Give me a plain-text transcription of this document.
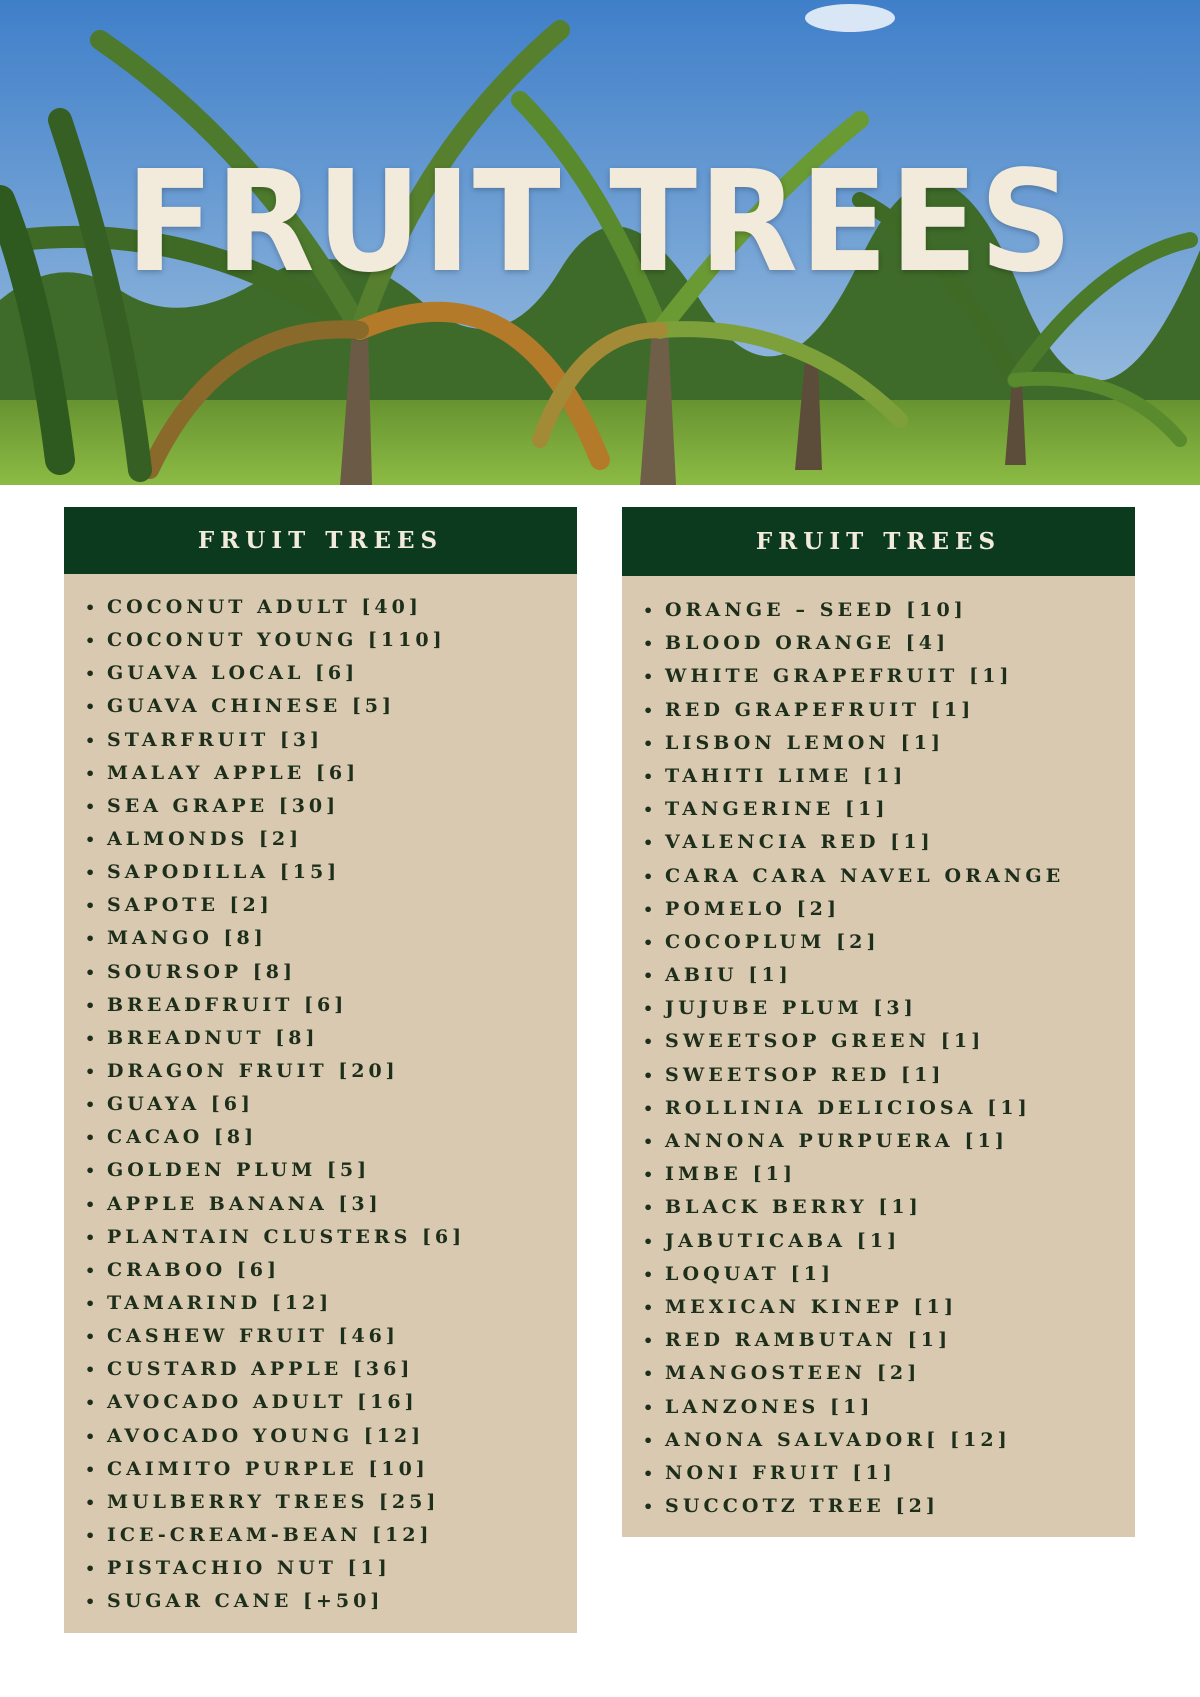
FRUIT TREES
FRUIT TREES
• COCONUT ADULT [40]
• COCONUT YOUNG [110]
• GUAVA LOCAL [6]
• GUAVA CHINESE [5]
• STARFRUIT [3]
• MALAY APPLE [6]
• SEA GRAPE [30]
• ALMONDS [2]
• SAPODILLA [15]
• SAPOTE [2]
• MANGO [8]
• SOURSOP [8]
• BREADFRUIT [6]
• BREADNUT [8]
• DRAGON FRUIT [20]
• GUAYA [6]
• CACAO [8]
• GOLDEN PLUM [5]
• APPLE BANANA [3]
• PLANTAIN CLUSTERS [6]
• CRABOO [6]
• TAMARIND [12]
• CASHEW FRUIT [46]
• CUSTARD APPLE [36]
• AVOCADO ADULT [16]
• AVOCADO YOUNG [12]
• CAIMITO PURPLE [10]
• MULBERRY TREES [25]
• ICE-CREAM-BEAN [12]
• PISTACHIO NUT [1]
• SUGAR CANE [+50]
FRUIT TREES
• ORANGE – SEED [10]
• BLOOD ORANGE [4]
• WHITE GRAPEFRUIT [1]
• RED GRAPEFRUIT [1]
• LISBON LEMON [1]
• TAHITI LIME [1]
• TANGERINE [1]
• VALENCIA RED [1]
• CARA CARA NAVEL ORANGE
• POMELO [2]
• COCOPLUM [2]
• ABIU [1]
• JUJUBE PLUM [3]
• SWEETSOP GREEN [1]
• SWEETSOP RED [1]
• ROLLINIA DELICIOSA [1]
• ANNONA PURPUERA [1]
• IMBE [1]
• BLACK BERRY [1]
• JABUTICABA [1]
• LOQUAT [1]
• MEXICAN KINEP [1]
• RED RAMBUTAN [1]
• MANGOSTEEN [2]
• LANZONES [1]
• ANONA SALVADOR[ [12]
• NONI FRUIT [1]
• SUCCOTZ TREE [2]
